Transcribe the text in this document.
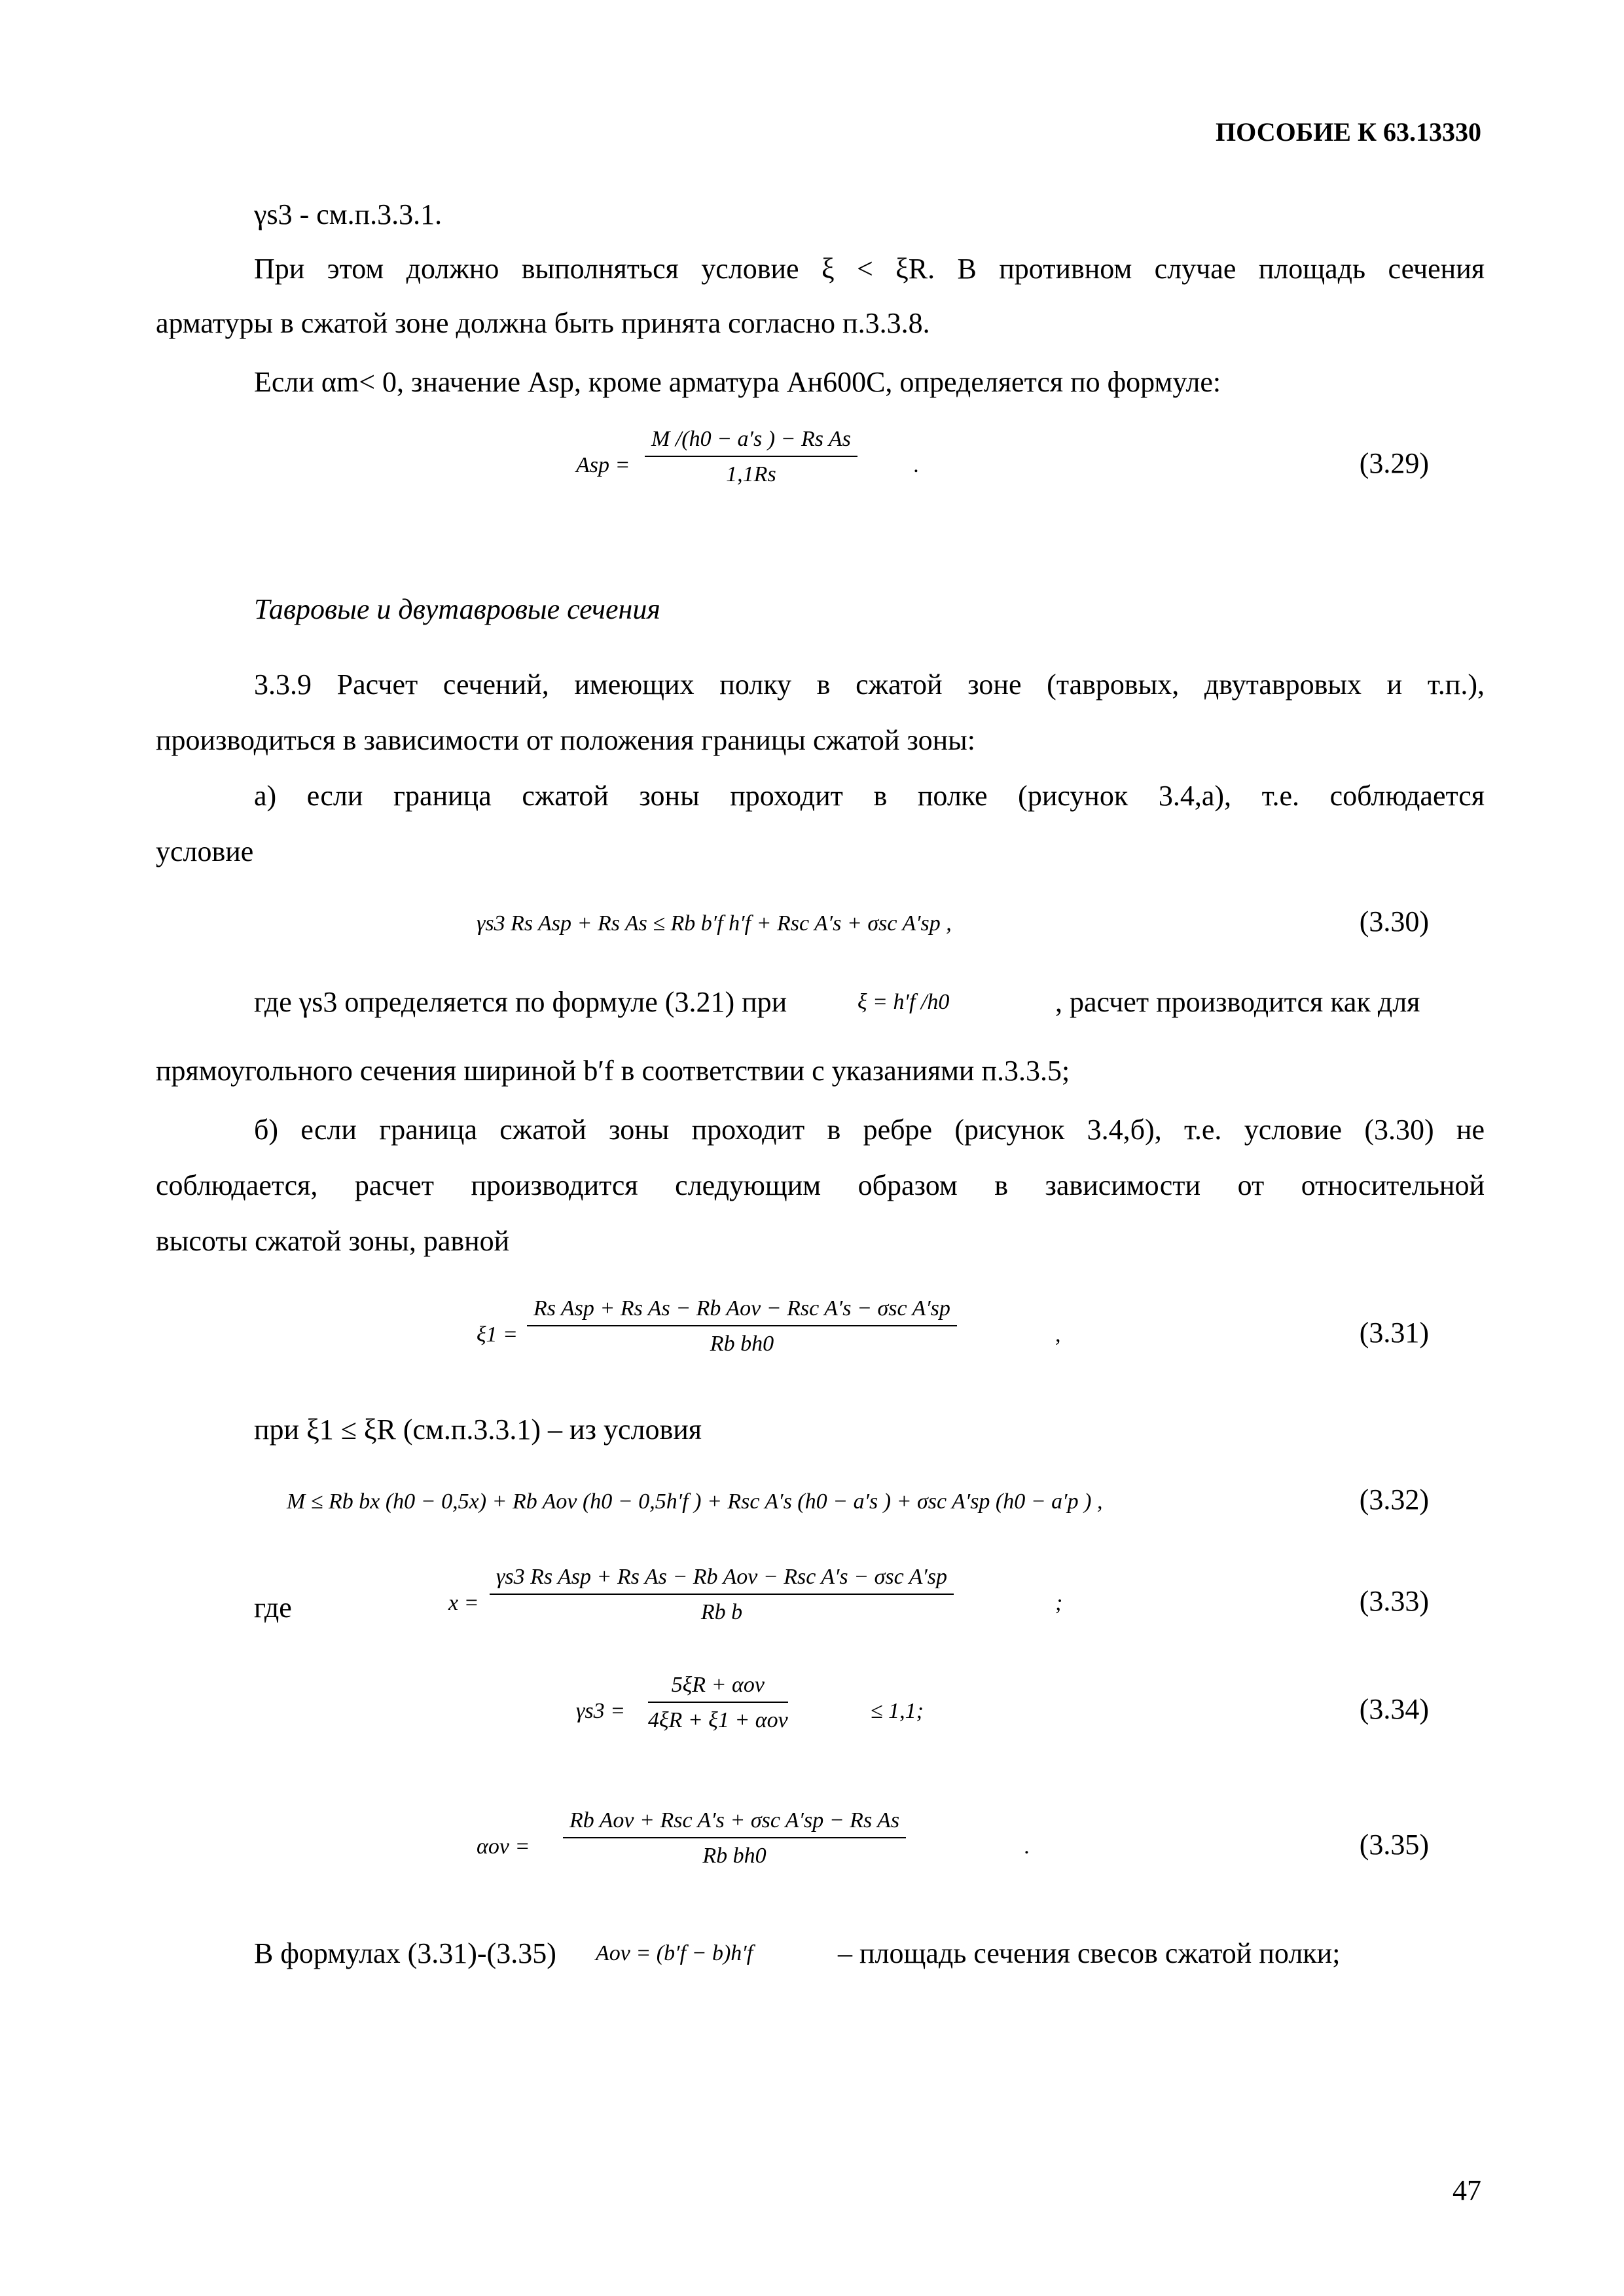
ПОСОБИЕ К 63.13330
γs3 - см.п.3.3.1.
При этом должно выполняться условие ξ < ξR. В противном случае площадь сечения
арматуры в сжатой зоне должна быть принята согласно п.3.3.8.
Если αm< 0, значение Asp, кроме арматура Ан600С, определяется по формуле:
Asp =
M /(h0 − a′s ) − Rs As
1,1Rs	.	(3.29)
Тавровые и двутавровые сечения
3.3.9 Расчет сечений, имеющих полку в сжатой зоне (тавровых, двутавровых и т.п.),
производиться в зависимости от положения границы сжатой зоны:
а) если граница сжатой зоны проходит в полке (рисунок 3.4,а), т.е. соблюдается
условие
γs3 Rs Asp + Rs As ≤ Rb b′f h′f + Rsc A′s + σsc A′sp ,	(3.30)
где γs3 определяется по формуле (3.21) при	ξ = h′f /h0	, расчет производится как для
прямоугольного сечения шириной b′f в соответствии с указаниями п.3.3.5;
б) если граница сжатой зоны проходит в ребре (рисунок 3.4,б), т.е. условие (3.30) не
соблюдается, расчет производится следующим образом в зависимости от относительной
высоты сжатой зоны, равной
ξ1 =
Rs Asp + Rs As − Rb Aov − Rsc A′s − σsc A′sp
Rb bh0	,	(3.31)
при ξ1 ≤ ξR (см.п.3.3.1) – из условия
M ≤ Rb bx (h0 − 0,5x) + Rb Aov (h0 − 0,5h′f ) + Rsc A′s (h0 − a′s ) + σsc A′sp (h0 − a′p ) ,	(3.32)
где	x =
γs3 Rs Asp + Rs As − Rb Aov − Rsc A′s − σsc A′sp
Rb b	;	(3.33)
γs3 =
5ξR + αov
4ξR + ξ1 + αov	≤ 1,1;	(3.34)
αov =
Rb Aov + Rsc A′s + σsc A′sp − Rs As
Rb bh0	.	(3.35)
В формулах (3.31)-(3.35) Aov = (b′f − b)h′f	– площадь сечения свесов сжатой полки;
47
